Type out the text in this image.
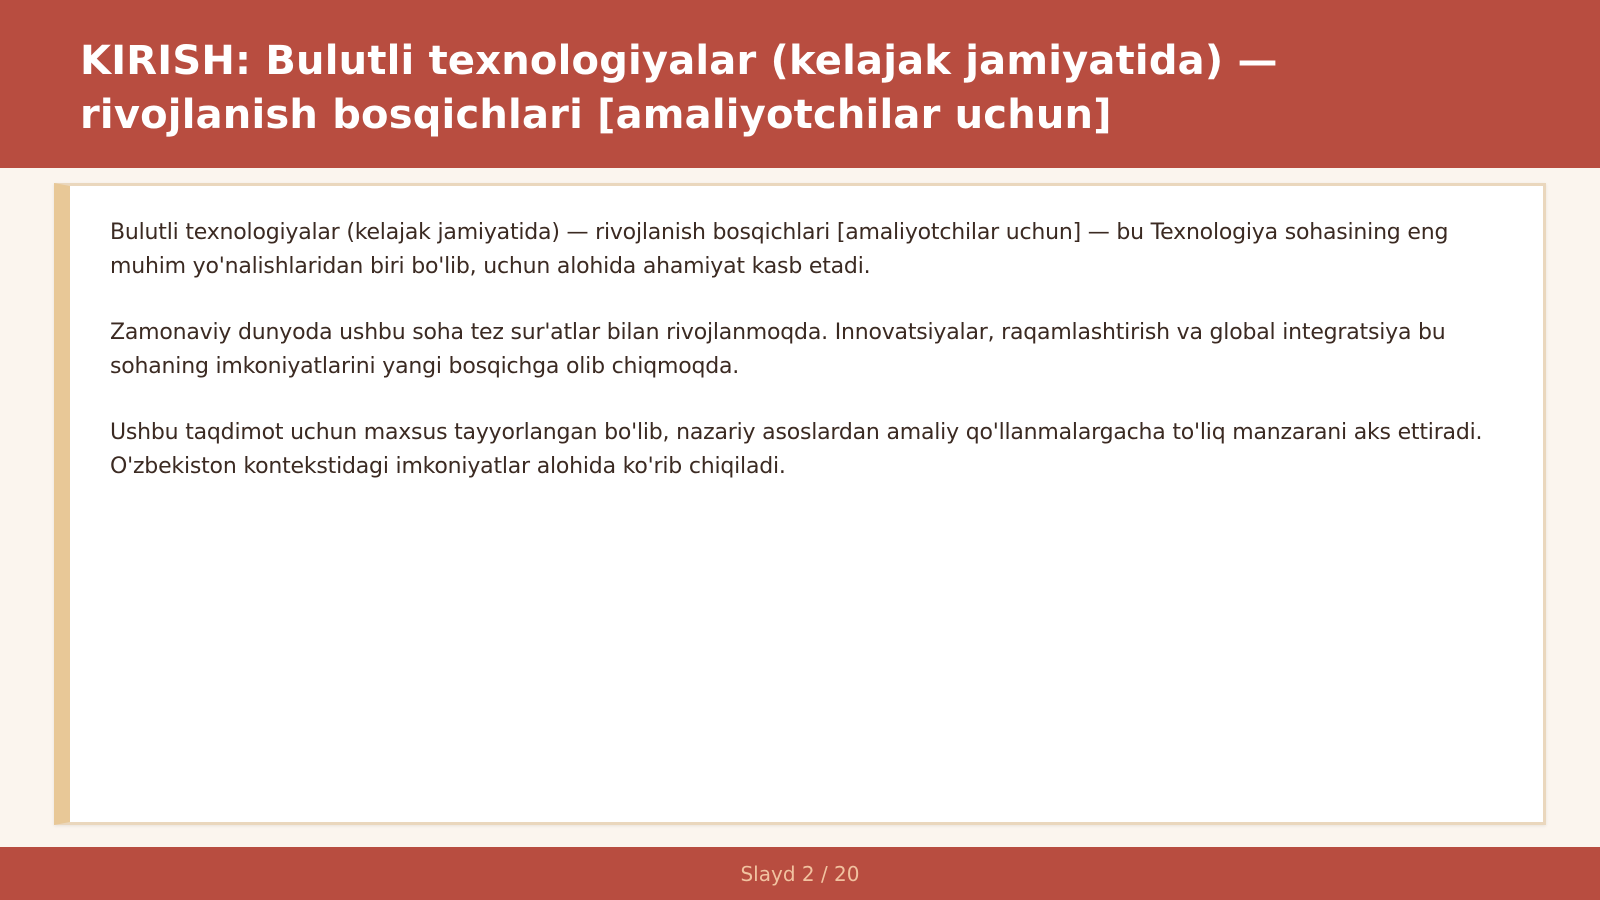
KIRISH: Bulutli texnologiyalar (kelajak jamiyatida) — rivojlanish bosqichlari [amaliyotchilar uchun]

Bulutli texnologiyalar (kelajak jamiyatida) — rivojlanish bosqichlari [amaliyotchilar uchun] — bu Texnologiya sohasining eng muhim yo'nalishlaridan biri bo'lib, uchun alohida ahamiyat kasb etadi.

Zamonaviy dunyoda ushbu soha tez sur'atlar bilan rivojlanmoqda. Innovatsiyalar, raqamlashtirish va global integratsiya bu sohaning imkoniyatlarini yangi bosqichga olib chiqmoqda.

Ushbu taqdimot uchun maxsus tayyorlangan bo'lib, nazariy asoslardan amaliy qo'llanmalargacha to'liq manzarani aks ettiradi. O'zbekiston kontekstidagi imkoniyatlar alohida ko'rib chiqiladi.

Slayd 2 / 20
